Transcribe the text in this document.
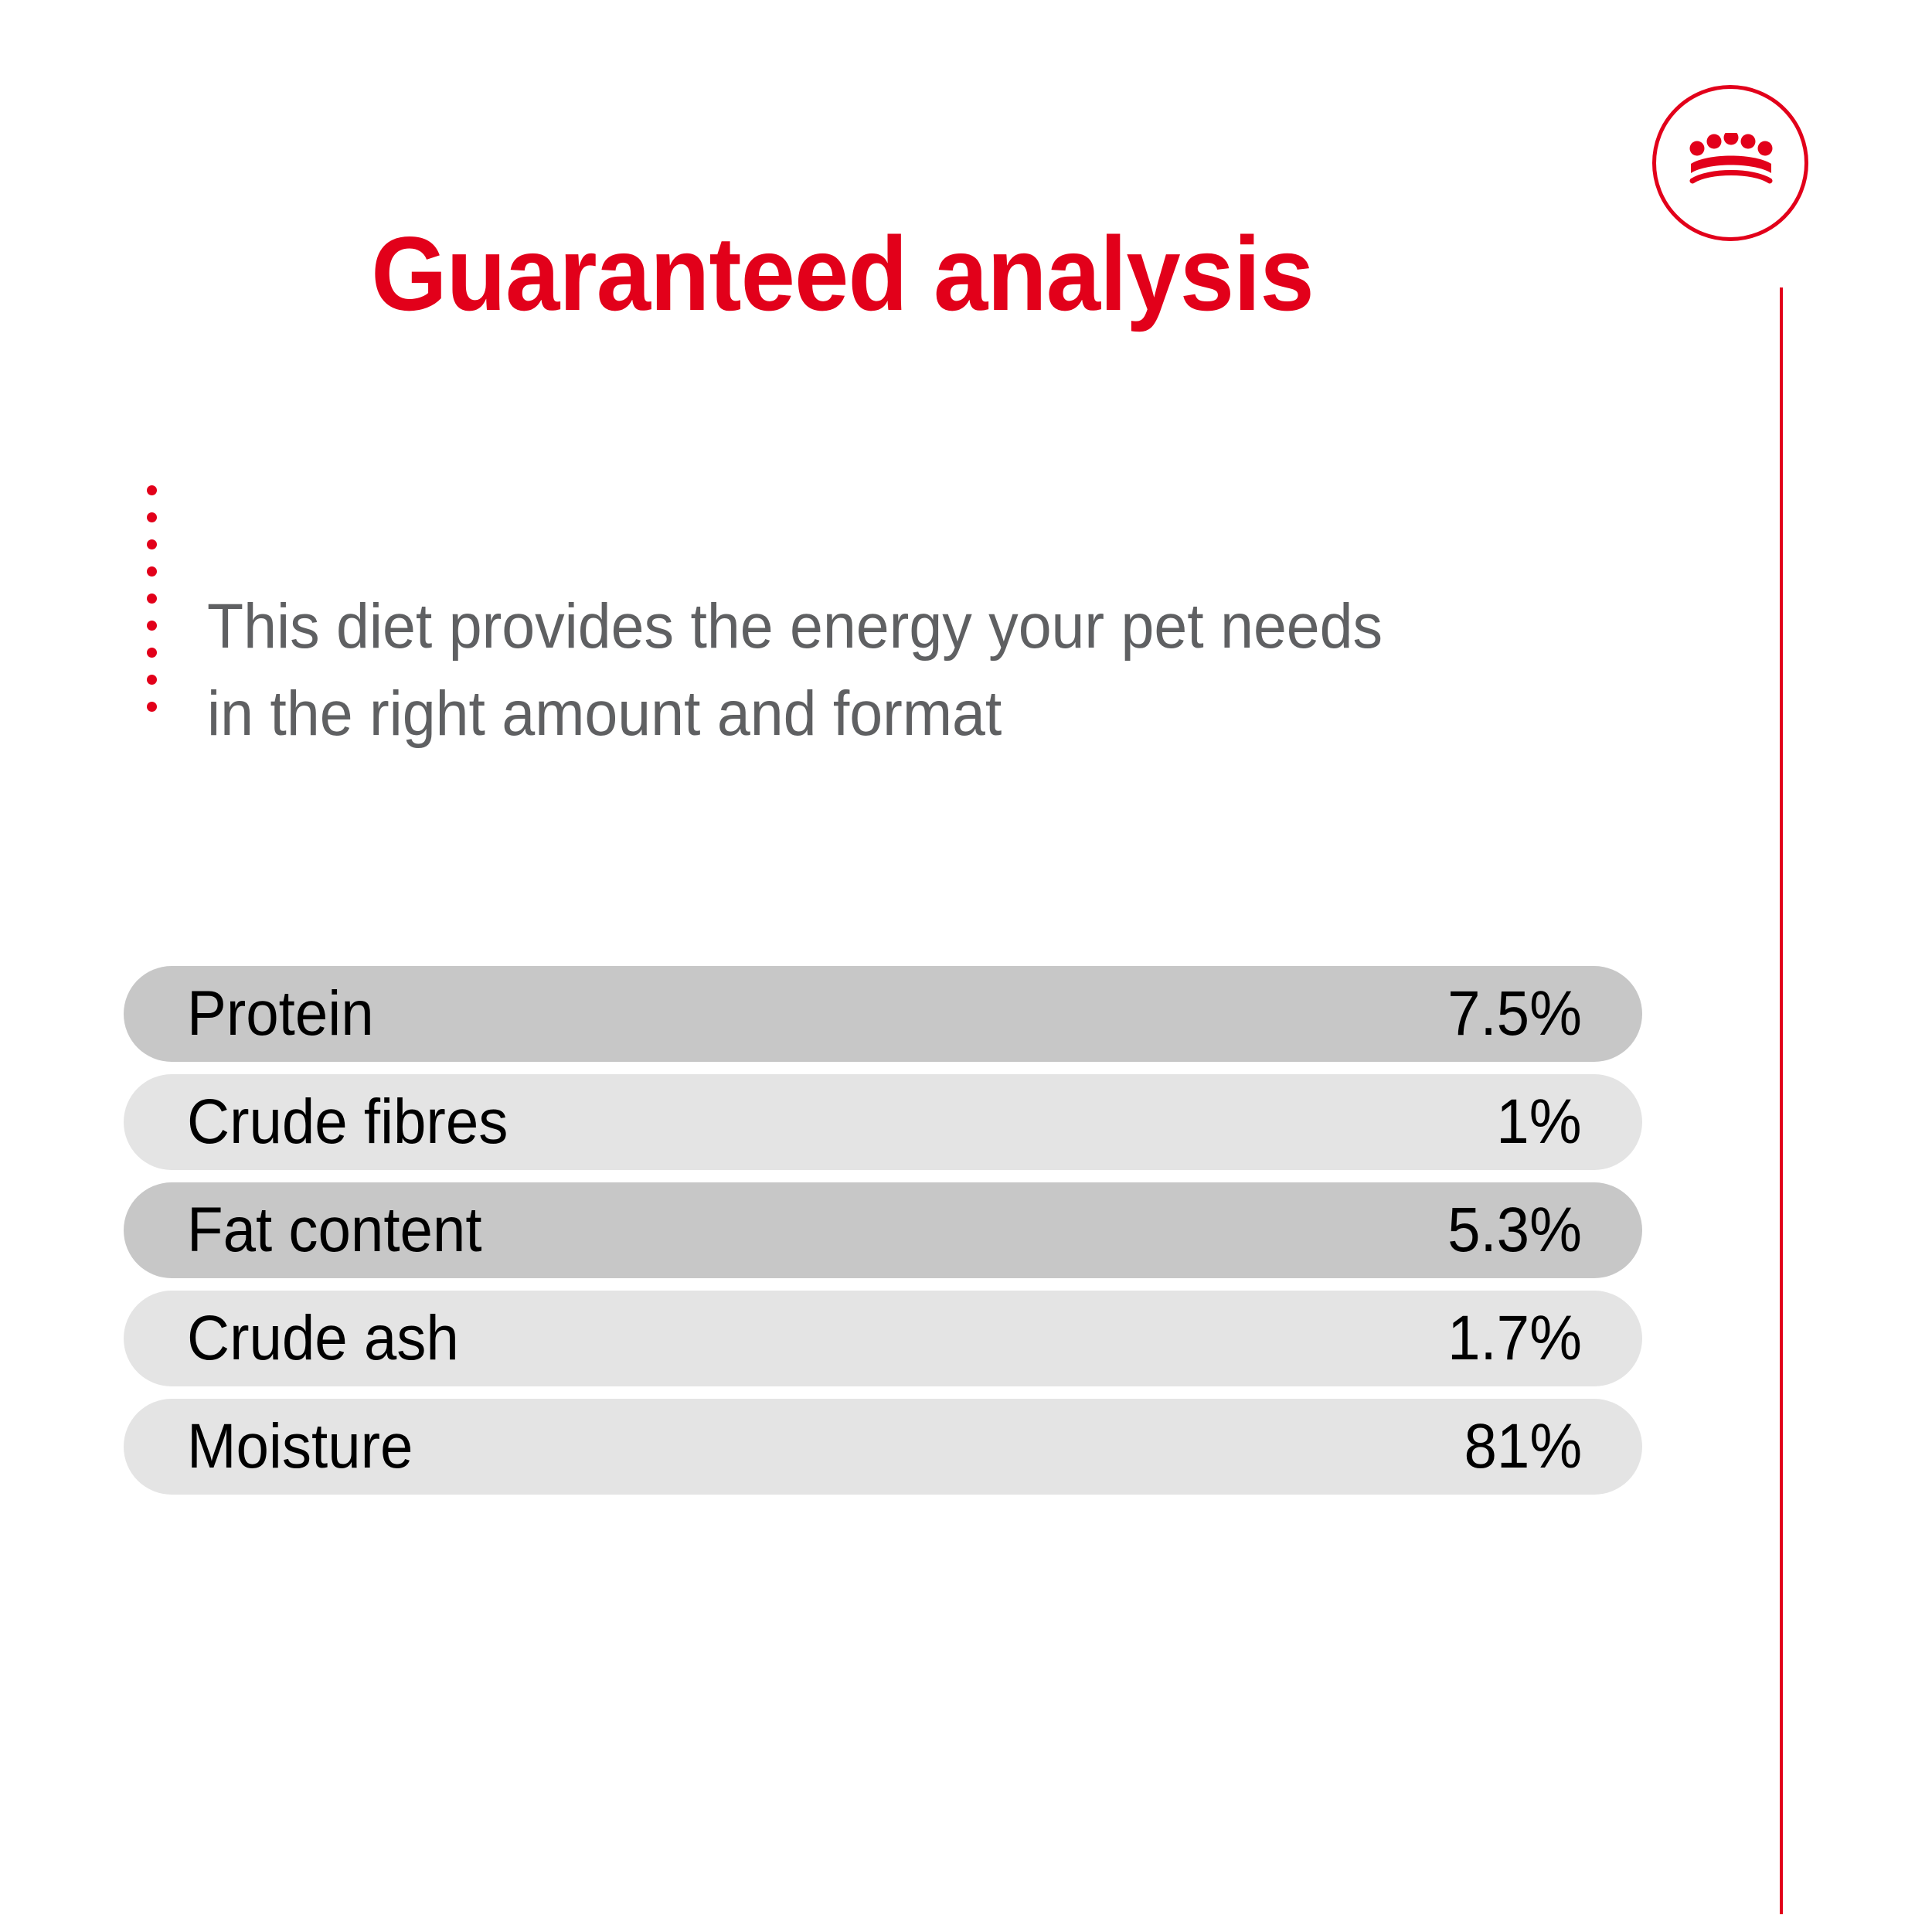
Guaranteed analysis

This diet provides the energy your pet needs
in the right amount and format

Protein	7.5%
Crude fibres	1%
Fat content	5.3%
Crude ash	1.7%
Moisture	81%
